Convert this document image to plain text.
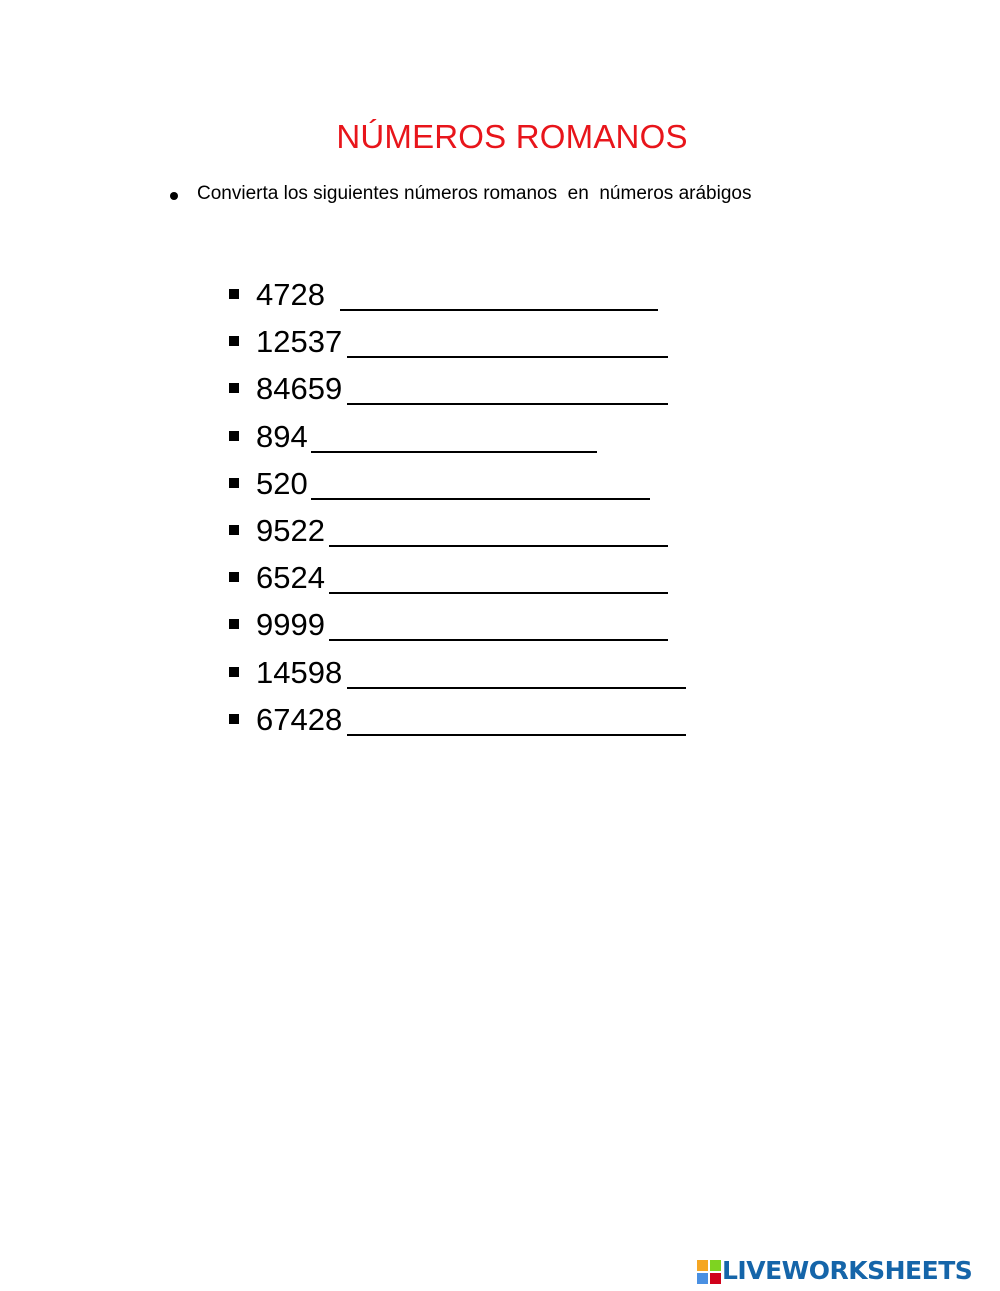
NÚMEROS ROMANOS
Convierta los siguientes números romanos  en  números arábigos
4728
12537
84659
894
520
9522
6524
9999
14598
67428
LIVEWORKSHEETS
